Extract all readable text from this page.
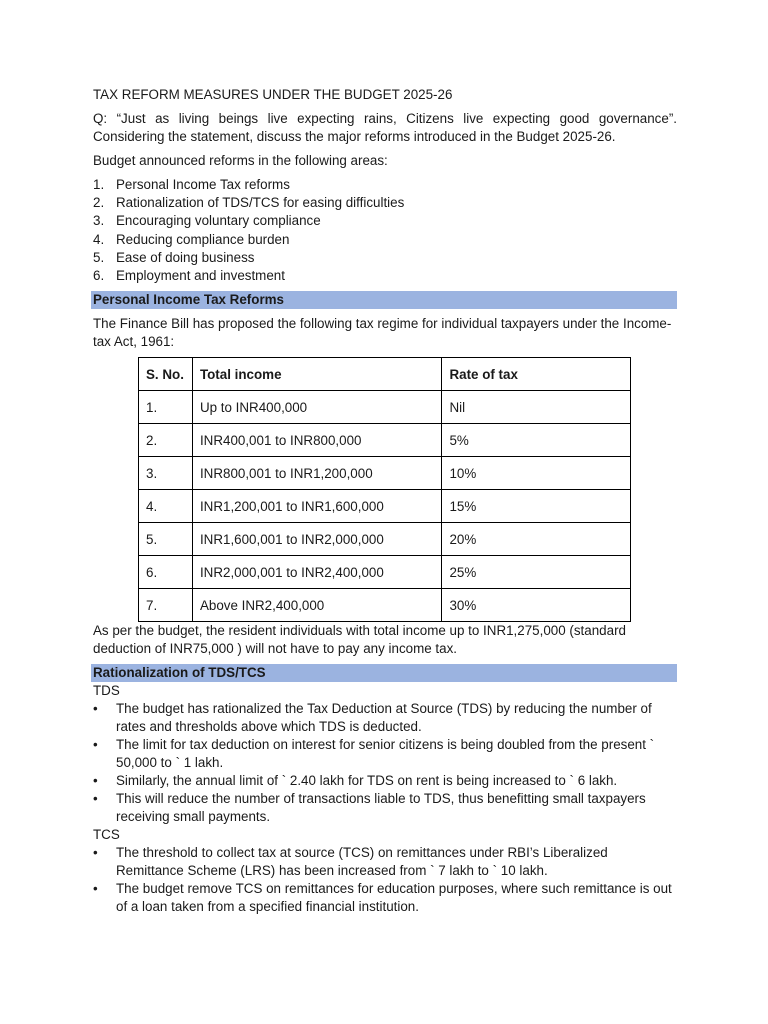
TAX REFORM MEASURES UNDER THE BUDGET 2025-26

Q: “Just as living beings live expecting rains, Citizens live expecting good governance”. Considering the statement, discuss the major reforms introduced in the Budget 2025-26.

Budget announced reforms in the following areas:

1. Personal Income Tax reforms
2. Rationalization of TDS/TCS for easing difficulties
3. Encouraging voluntary compliance
4. Reducing compliance burden
5. Ease of doing business
6. Employment and investment
Personal Income Tax Reforms

The Finance Bill has proposed the following tax regime for individual taxpayers under the Income-tax Act, 1961:

S. No.	Total income	Rate of tax
1.	Up to INR400,000	Nil
2.	INR400,001 to INR800,000	5%
3.	INR800,001 to INR1,200,000	10%
4.	INR1,200,001 to INR1,600,000	15%
5.	INR1,600,001 to INR2,000,000	20%
6.	INR2,000,001 to INR2,400,000	25%
7.	Above INR2,400,000	30%

As per the budget, the resident individuals with total income up to INR1,275,000 (standard deduction of INR75,000 ) will not have to pay any income tax.

Rationalization of TDS/TCS

TDS

• The budget has rationalized the Tax Deduction at Source (TDS) by reducing the number of rates and thresholds above which TDS is deducted.
• The limit for tax deduction on interest for senior citizens is being doubled from the present ` 50,000 to ` 1 lakh.
• Similarly, the annual limit of ` 2.40 lakh for TDS on rent is being increased to ` 6 lakh.
• This will reduce the number of transactions liable to TDS, thus benefitting small taxpayers receiving small payments.

TCS

• The threshold to collect tax at source (TCS) on remittances under RBI’s Liberalized Remittance Scheme (LRS) has been increased from ` 7 lakh to ` 10 lakh.
• The budget remove TCS on remittances for education purposes, where such remittance is out of a loan taken from a specified financial institution.
